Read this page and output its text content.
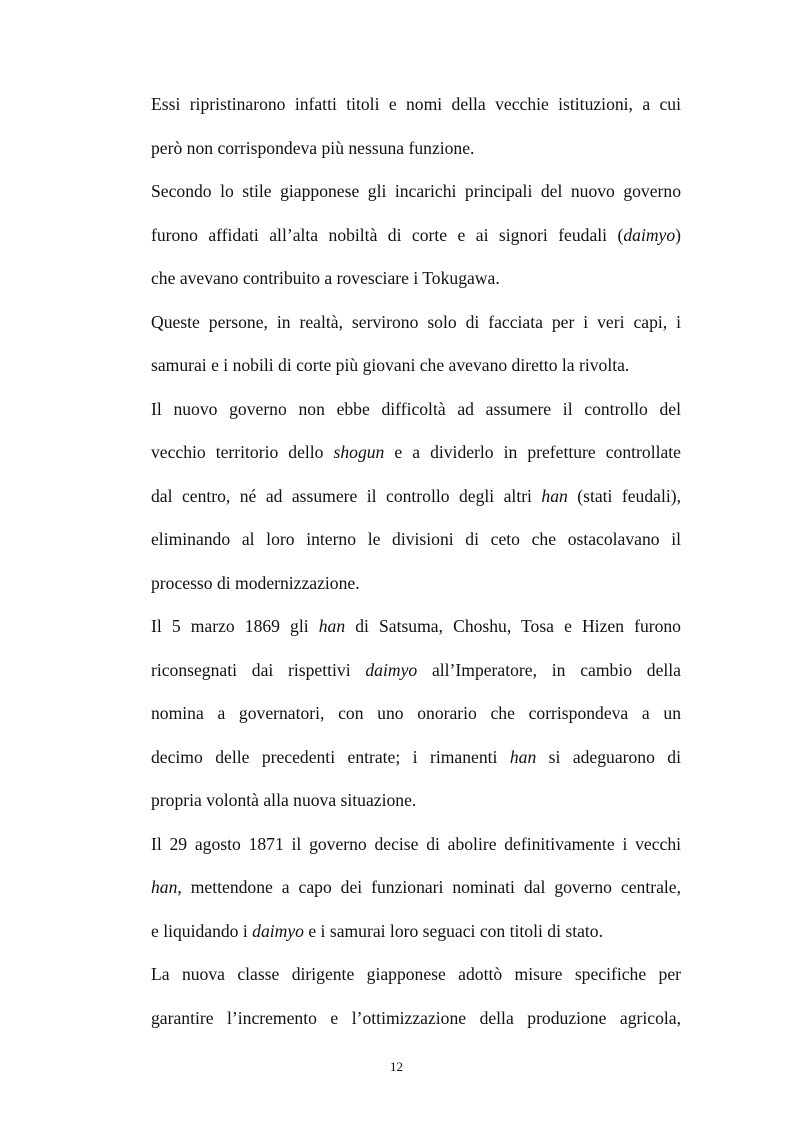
Essi ripristinarono infatti titoli e nomi della vecchie istituzioni, a cui
però non corrispondeva più nessuna funzione.
Secondo lo stile giapponese gli incarichi principali del nuovo governo
furono affidati all’alta nobiltà di corte e ai signori feudali (daimyo)
che avevano contribuito a rovesciare i Tokugawa.
Queste persone, in realtà, servirono solo di facciata per i veri capi, i
samurai e i nobili di corte più giovani che avevano diretto la rivolta.
Il nuovo governo non ebbe difficoltà ad assumere il controllo del
vecchio territorio dello shogun e a dividerlo in prefetture controllate
dal centro, né ad assumere il controllo degli altri han (stati feudali),
eliminando al loro interno le divisioni di ceto che ostacolavano il
processo di modernizzazione.
Il 5 marzo 1869 gli han di Satsuma, Choshu, Tosa e Hizen furono
riconsegnati dai rispettivi daimyo all’Imperatore, in cambio della
nomina a governatori, con uno onorario che corrispondeva a un
decimo delle precedenti entrate; i rimanenti han si adeguarono di
propria volontà alla nuova situazione.
Il 29 agosto 1871 il governo decise di abolire definitivamente i vecchi
han, mettendone a capo dei funzionari nominati dal governo centrale,
e liquidando i daimyo e i samurai loro seguaci con titoli di stato.
La nuova classe dirigente giapponese adottò misure specifiche per
garantire l’incremento e l’ottimizzazione della produzione agricola,
12
